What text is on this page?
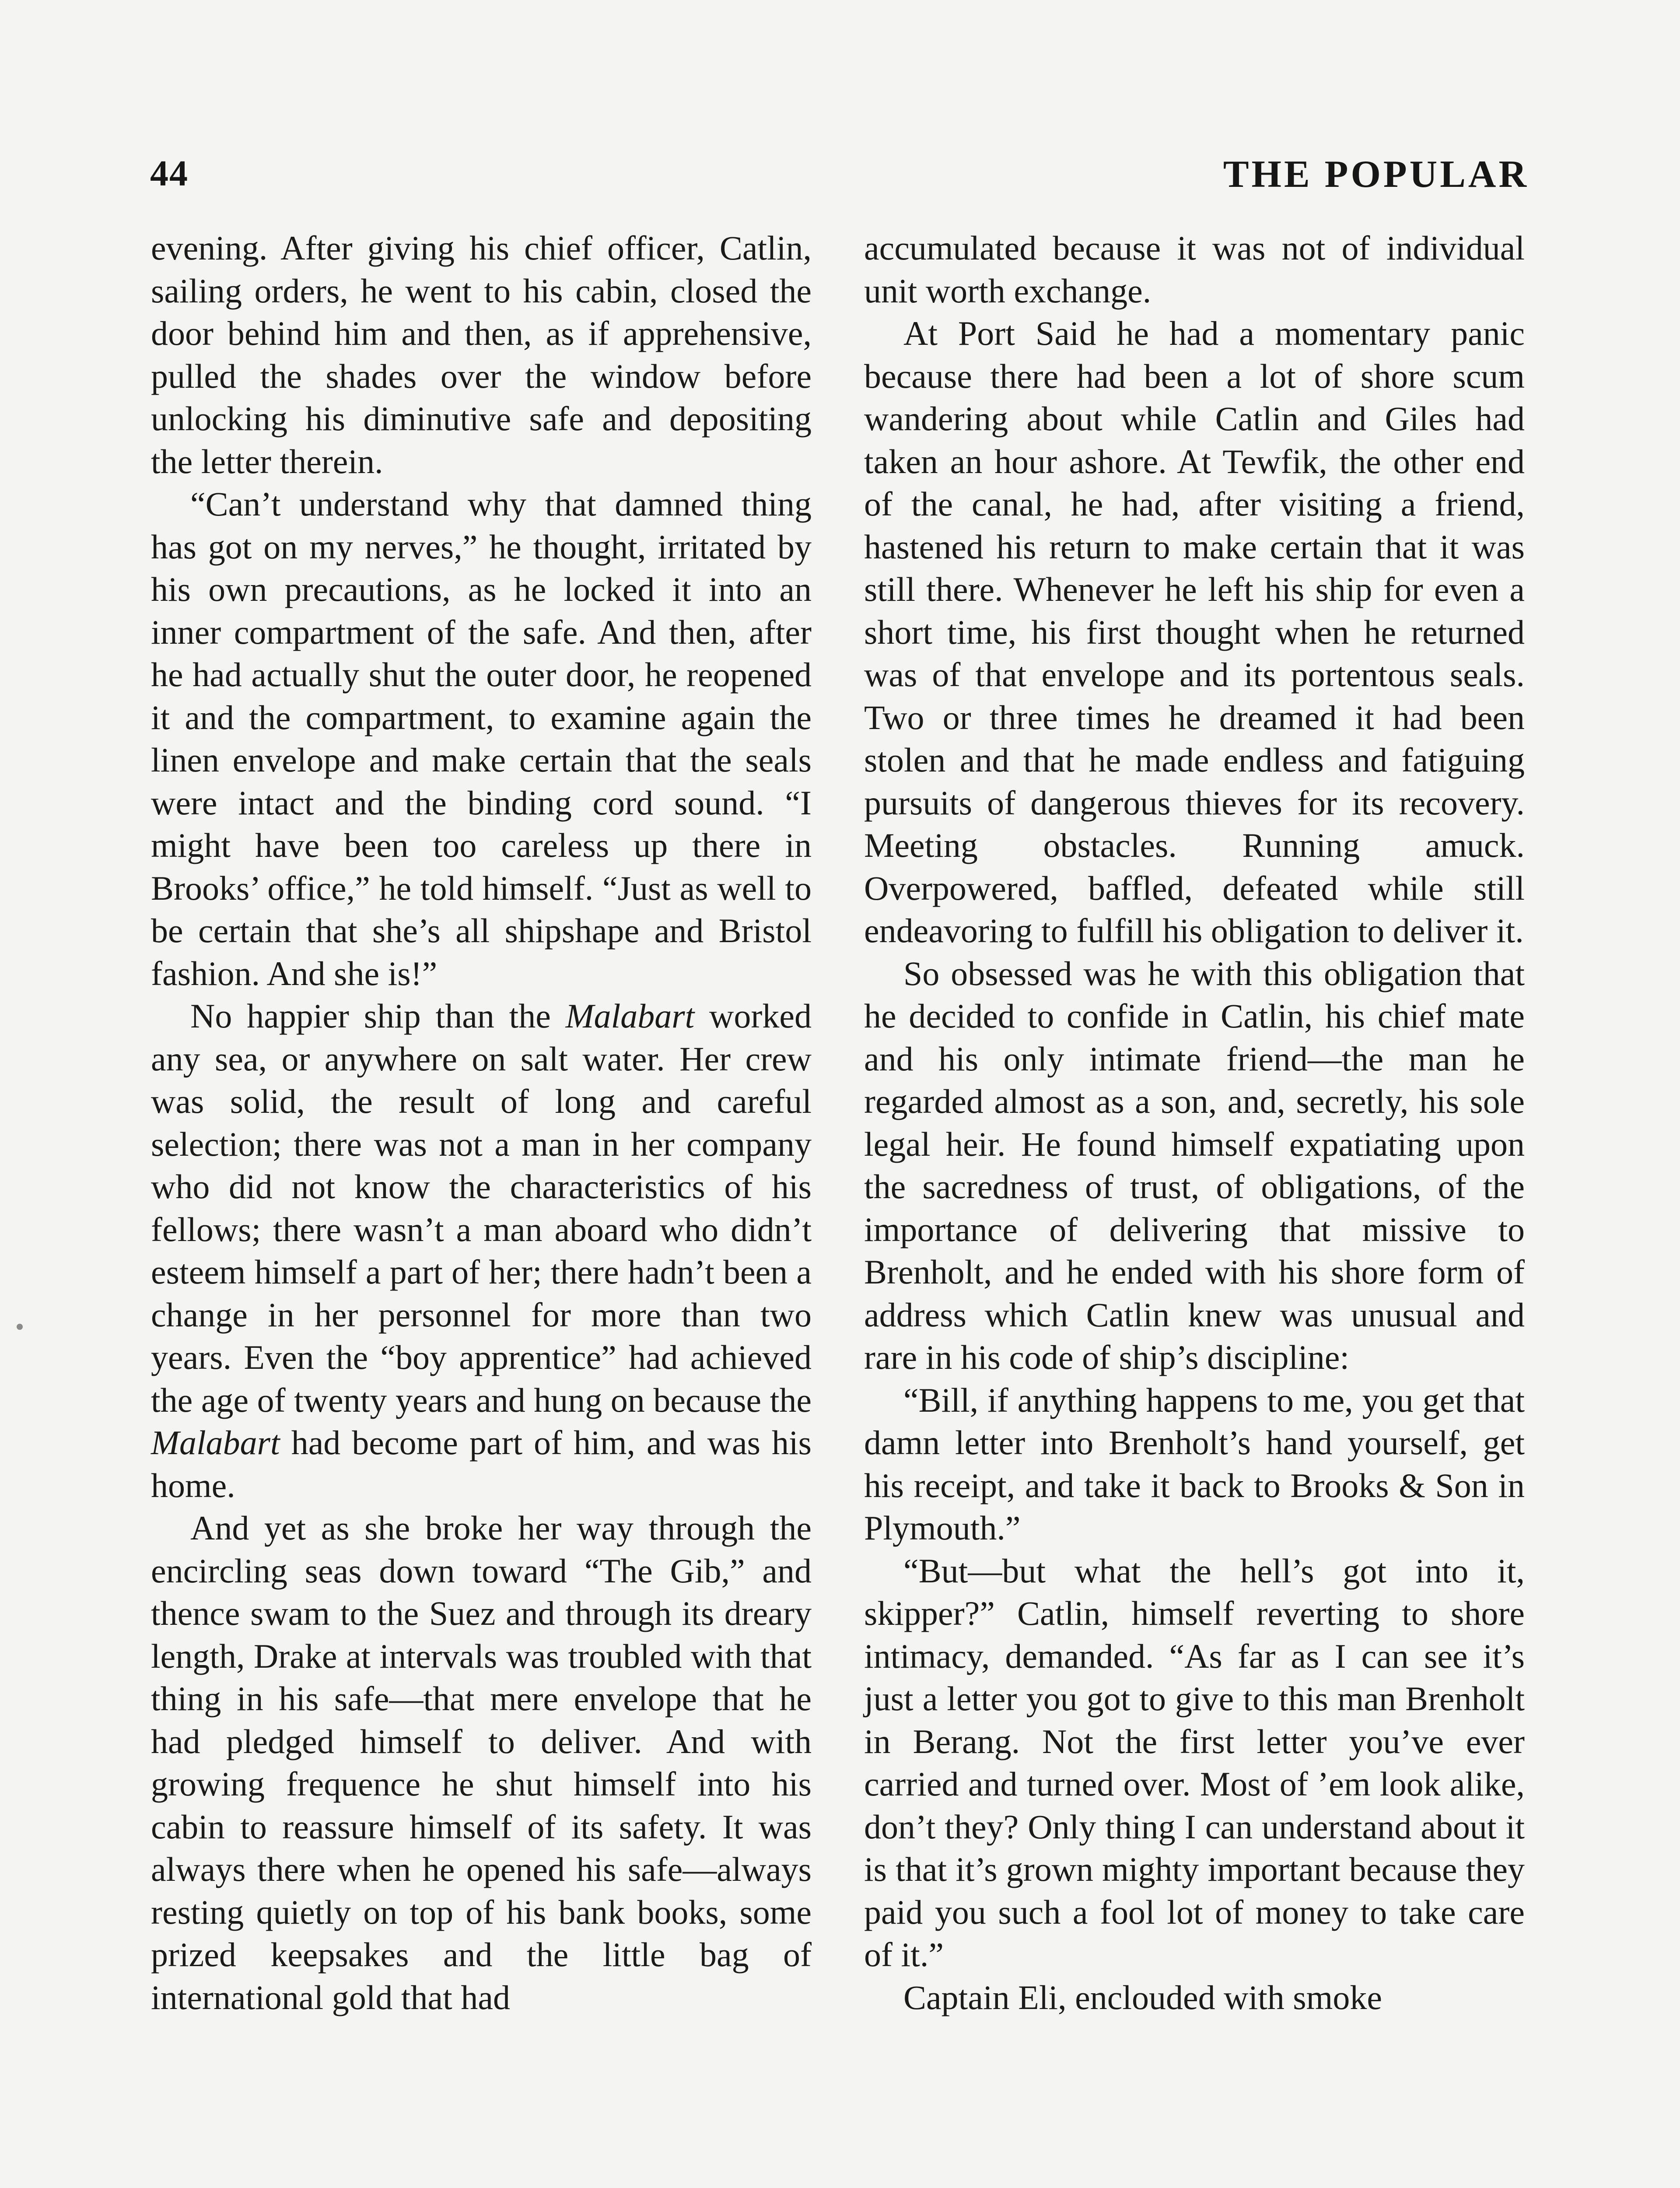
44	THE POPULAR

evening. After giving his chief officer, Catlin, sailing orders, he went to his cabin, closed the door behind him and then, as if apprehensive, pulled the shades over the window before unlocking his diminutive safe and depositing the letter therein.

“Can’t understand why that damned thing has got on my nerves,” he thought, irritated by his own precautions, as he locked it into an inner compartment of the safe. And then, after he had actually shut the outer door, he reopened it and the compartment, to examine again the linen envelope and make certain that the seals were intact and the binding cord sound. “I might have been too careless up there in Brooks’ office,” he told himself. “Just as well to be certain that she’s all shipshape and Bristol fashion. And she is!”

No happier ship than the Malabart worked any sea, or anywhere on salt water. Her crew was solid, the result of long and careful selection; there was not a man in her company who did not know the characteristics of his fellows; there wasn’t a man aboard who didn’t esteem himself a part of her; there hadn’t been a change in her personnel for more than two years. Even the “boy apprentice” had achieved the age of twenty years and hung on because the Malabart had become part of him, and was his home.

And yet as she broke her way through the encircling seas down toward “The Gib,” and thence swam to the Suez and through its dreary length, Drake at intervals was troubled with that thing in his safe—that mere envelope that he had pledged himself to deliver. And with growing frequence he shut himself into his cabin to reassure himself of its safety. It was always there when he opened his safe—always resting quietly on top of his bank books, some prized keepsakes and the little bag of international gold that had

accumulated because it was not of individual unit worth exchange.

At Port Said he had a momentary panic because there had been a lot of shore scum wandering about while Catlin and Giles had taken an hour ashore. At Tewfik, the other end of the canal, he had, after visiting a friend, hastened his return to make certain that it was still there. Whenever he left his ship for even a short time, his first thought when he returned was of that envelope and its portentous seals. Two or three times he dreamed it had been stolen and that he made endless and fatiguing pursuits of dangerous thieves for its recovery. Meeting obstacles. Running amuck. Overpowered, baffled, defeated while still endeavoring to fulfill his obligation to deliver it.

So obsessed was he with this obligation that he decided to confide in Catlin, his chief mate and his only intimate friend—the man he regarded almost as a son, and, secretly, his sole legal heir. He found himself expatiating upon the sacredness of trust, of obligations, of the importance of delivering that missive to Brenholt, and he ended with his shore form of address which Catlin knew was unusual and rare in his code of ship’s discipline:

“Bill, if anything happens to me, you get that damn letter into Brenholt’s hand yourself, get his receipt, and take it back to Brooks & Son in Plymouth.”

“But—but what the hell’s got into it, skipper?” Catlin, himself reverting to shore intimacy, demanded. “As far as I can see it’s just a letter you got to give to this man Brenholt in Berang. Not the first letter you’ve ever carried and turned over. Most of ’em look alike, don’t they? Only thing I can understand about it is that it’s grown mighty important because they paid you such a fool lot of money to take care of it.”

Captain Eli, enclouded with smoke
